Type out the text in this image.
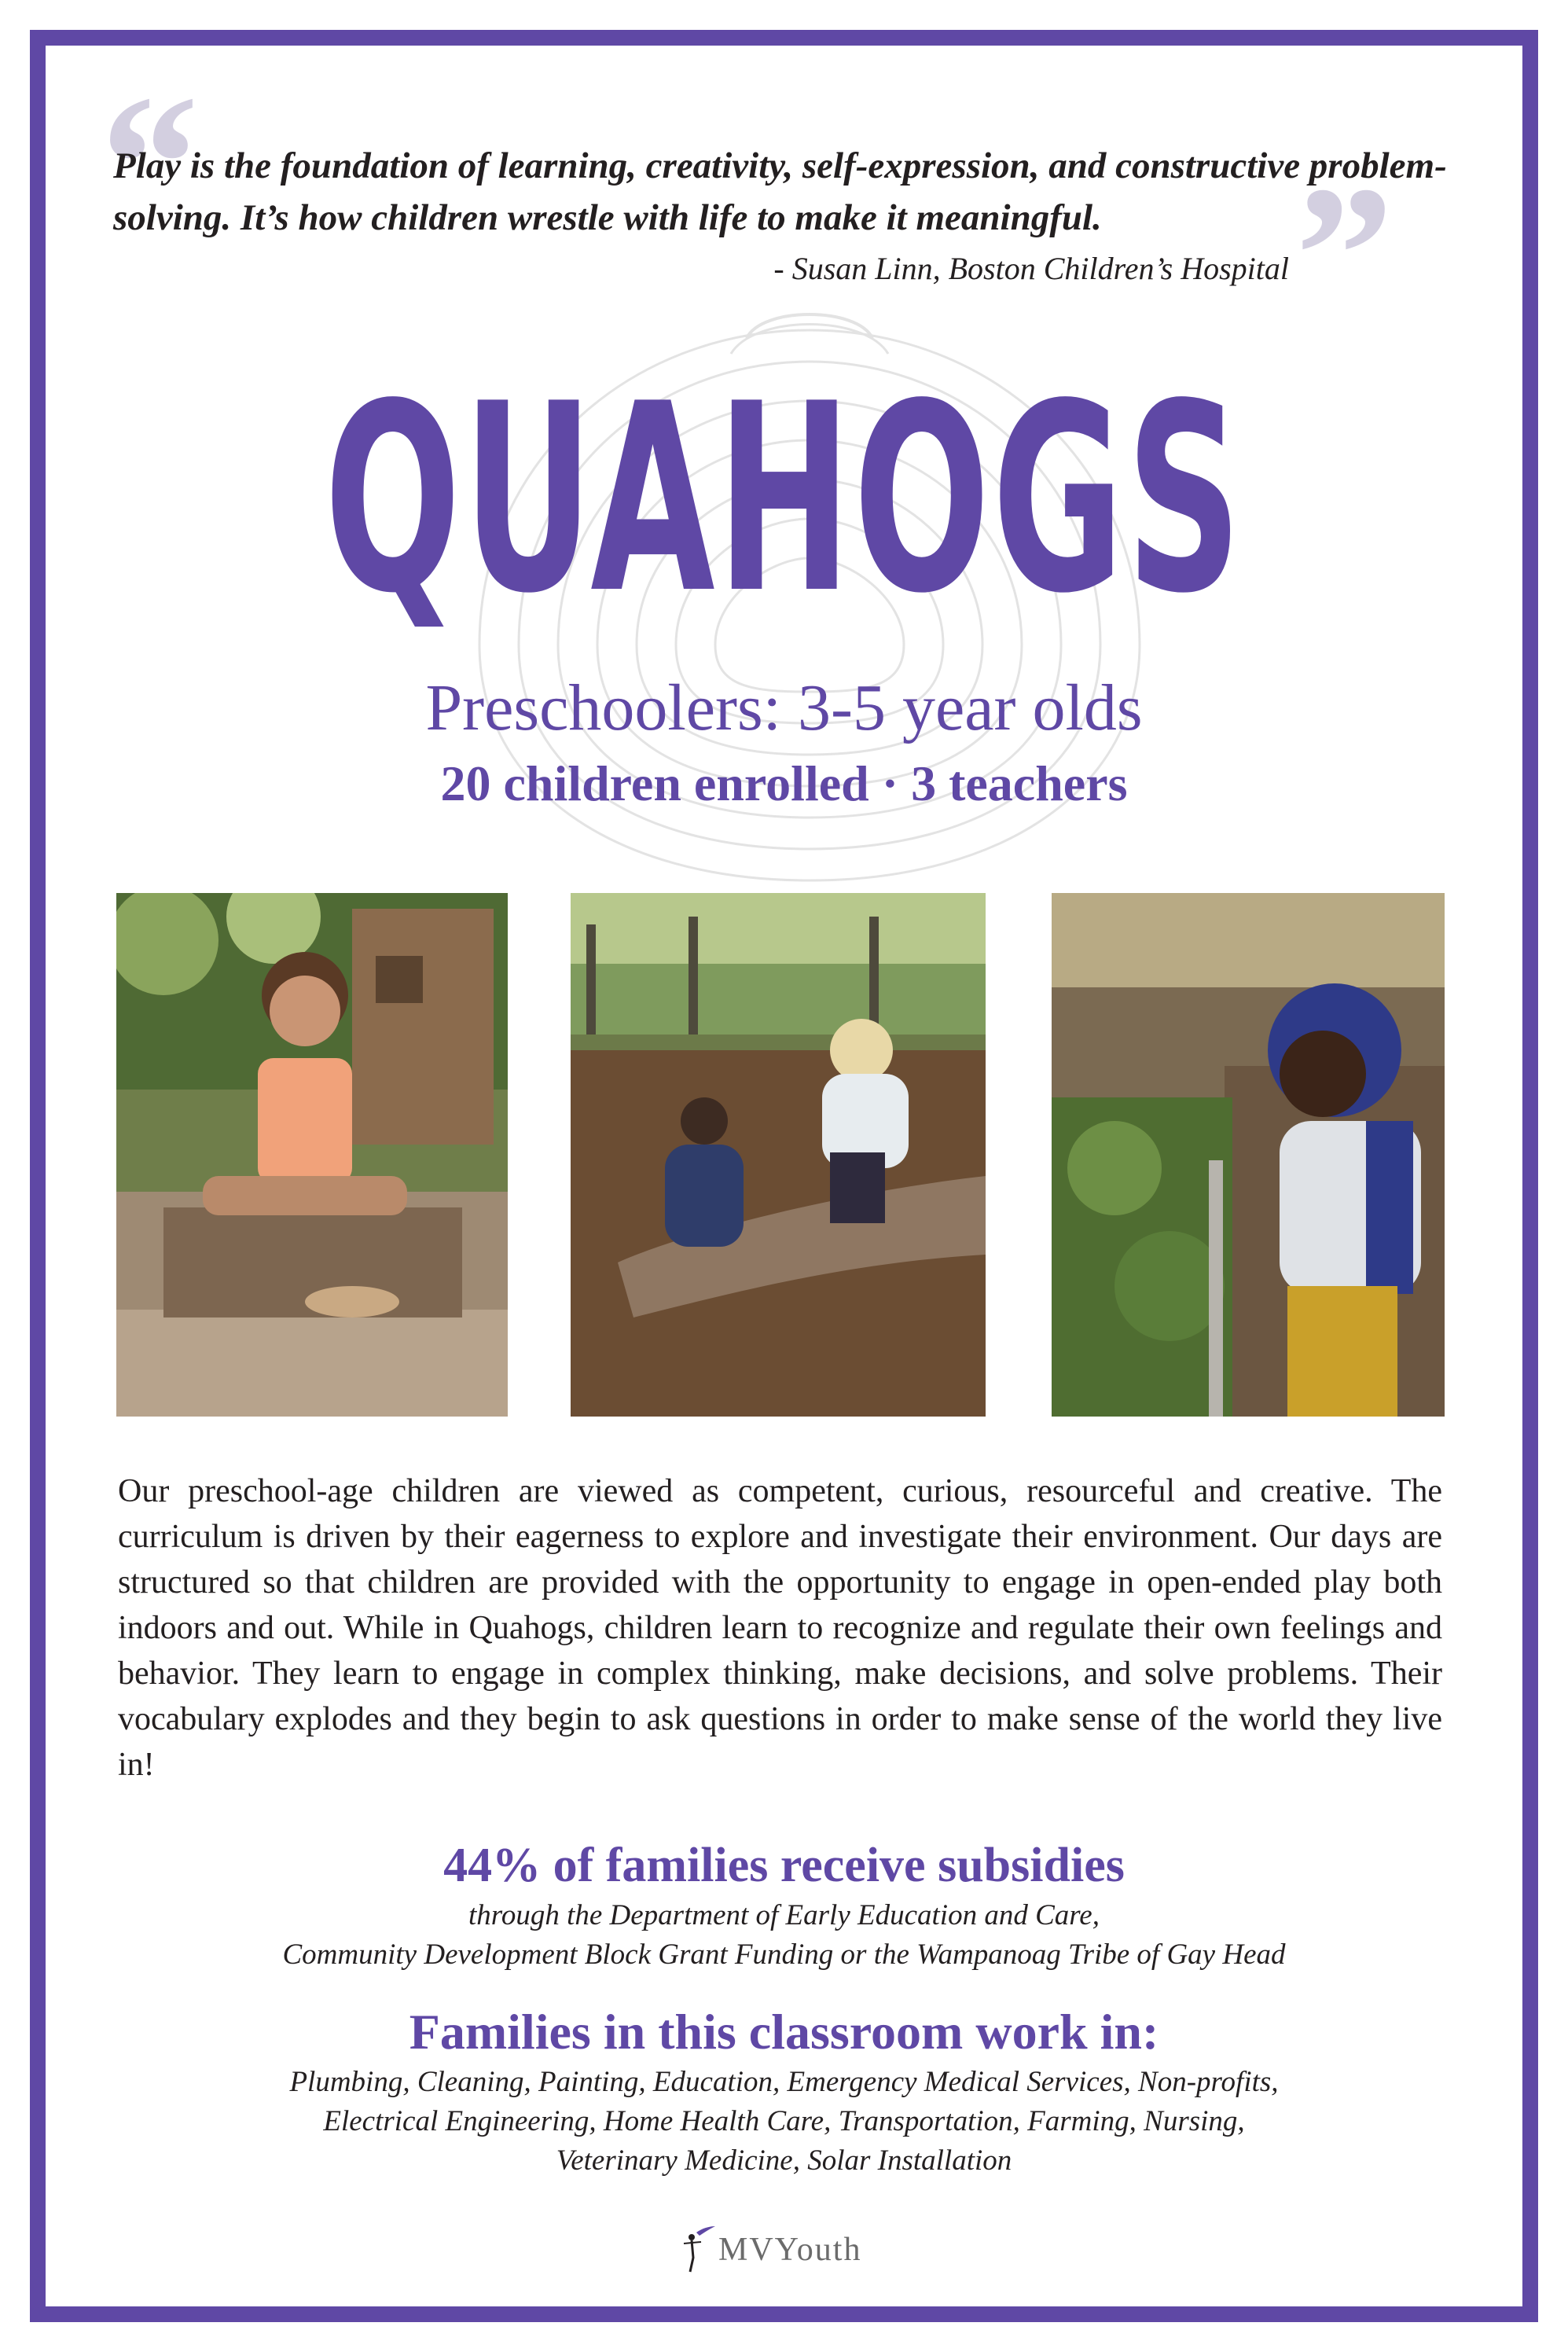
“	”
Play is the foundation of learning, creativity, self-expression, and constructive problem-solving. It’s how children wrestle with life to make it meaningful.
- Susan Linn, Boston Children’s Hospital
QUAHOGS
Preschoolers: 3-5 year olds
20 children enrolled · 3 teachers
Our preschool-age children are viewed as competent, curious, resourceful and creative. The curriculum is driven by their eagerness to explore and investigate their environment. Our days are structured so that children are provided with the opportunity to engage in open-ended play both indoors and out. While in Quahogs, children learn to recognize and regulate their own feelings and behavior. They learn to engage in complex thinking, make decisions, and solve problems. Their vocabulary explodes and they begin to ask questions in order to make sense of the world they live in!
44% of families receive subsidies
through the Department of Early Education and Care,
Community Development Block Grant Funding or the Wampanoag Tribe of Gay Head
Families in this classroom work in:
Plumbing, Cleaning, Painting, Education, Emergency Medical Services, Non-profits,
Electrical Engineering, Home Health Care, Transportation, Farming, Nursing,
Veterinary Medicine, Solar Installation
MVYouth
